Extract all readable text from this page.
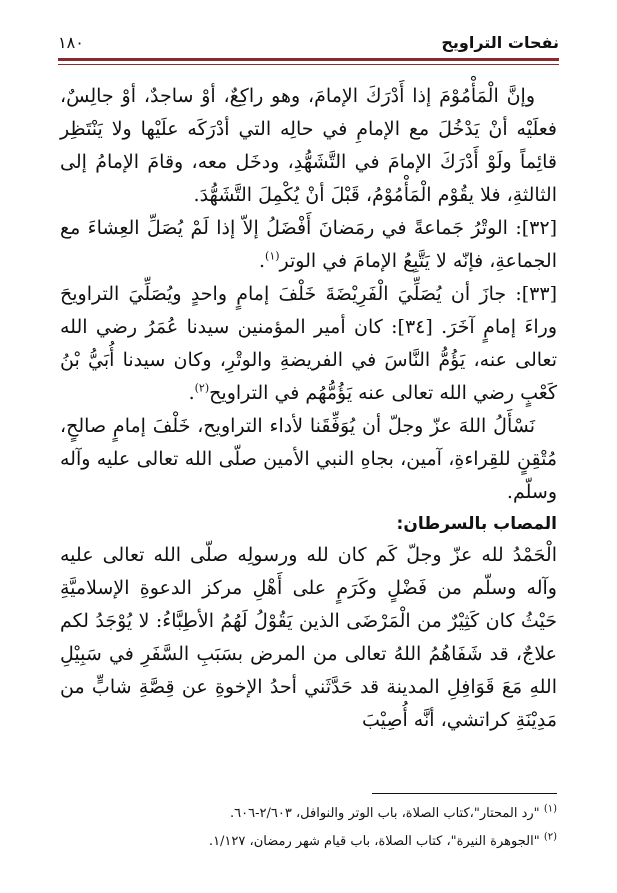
نفحات التراويح
١٨٠

وإنَّ الْمَأْمُوْمَ إذا أَدْرَكَ الإمامَ، وهو راكِعٌ، أوْ ساجدٌ، أوْ جالِسٌ، فعلَيْه أنْ يَدْخُلَ مع الإمامِ في حالِه التي أدْرَكَه علَيْها ولا يَنْتَظِر قائِماً ولَوْ أَدْرَكَ الإمامَ في التَّشَهُّدِ، ودخَل معه، وقامَ الإمامُ إلى الثالثةِ، فلا يقُوْم الْمَأْمُوْمُ، قَبْلَ أنْ يُكْمِلَ التَّشَهُّدَ.

[٣٢]: الوتْرُ جَماعةً في رمَضانَ أَفْضَلُ إلاّ إذا لَمْ يُصَلِّ العِشاءَ مع الجماعةِ، فإنّه لا يَتَّبِعُ الإمامَ في الوتر$^{(١)}$.

[٣٣]: جازَ أن يُصَلِّيَ الْفَرِيْضَةَ خَلْفَ إمامٍ واحدٍ ويُصَلِّيَ التراويحَ وراءَ إمامٍ آخَرَ. [٣٤]: كان أمير المؤمنين سيدنا عُمَرُ رضي الله تعالى عنه، يَؤُمُّ النَّاسَ في الفريضةِ والوتْرِ، وكان سيدنا أُبَيُّ بْنُ كَعْبٍ رضي الله تعالى عنه يَؤُمُّهُم في التراويح$^{(٢)}$.

نَسْأَلُ اللهَ عزّ وجلّ أن يُوَفِّقَنا لأداء التراويح، خَلْفَ إمامٍ صالحٍ، مُتْقِنٍ للقِراءةِ، آمين، بجاهِ النبي الأمين صلّى الله تعالى عليه وآله وسلّم.

المصاب بالسرطان:

الْحَمْدُ لله عزّ وجلّ كَم كان لله ورسولِه صلّى الله تعالى عليه وآله وسلّم من فَضْلٍ وكَرَمٍ على أَهْلِ مركز الدعوةِ الإسلاميَّةِ حَيْثُ كان كَثِيْرٌ من الْمَرْضَى الذين يَقُوْلُ لَهُمُ الأطِبَّاءُ: لا يُوْجَدُ لكم علاجٌ، قد شَفَاهُمُ اللهُ تعالى من المرض بسَبَبِ السَّفَرِ في سَبِيْلِ اللهِ مَعَ قَوَافِلِ المدينة قد حَدَّثَني أحدُ الإخوةِ عن قِصَّةِ شابٍّ من مَدِيْنَةِ كراتشي، أنَّه أُصِيْبَ

$^{(١)}$ "رد المحتار"،كتاب الصلاة، باب الوتر والنوافل، ٢/٦٠٣-٦٠٦.

$^{(٢)}$ "الجوهرة النيرة"، كتاب الصلاة، باب قيام شهر رمضان، ١/١٢٧.
